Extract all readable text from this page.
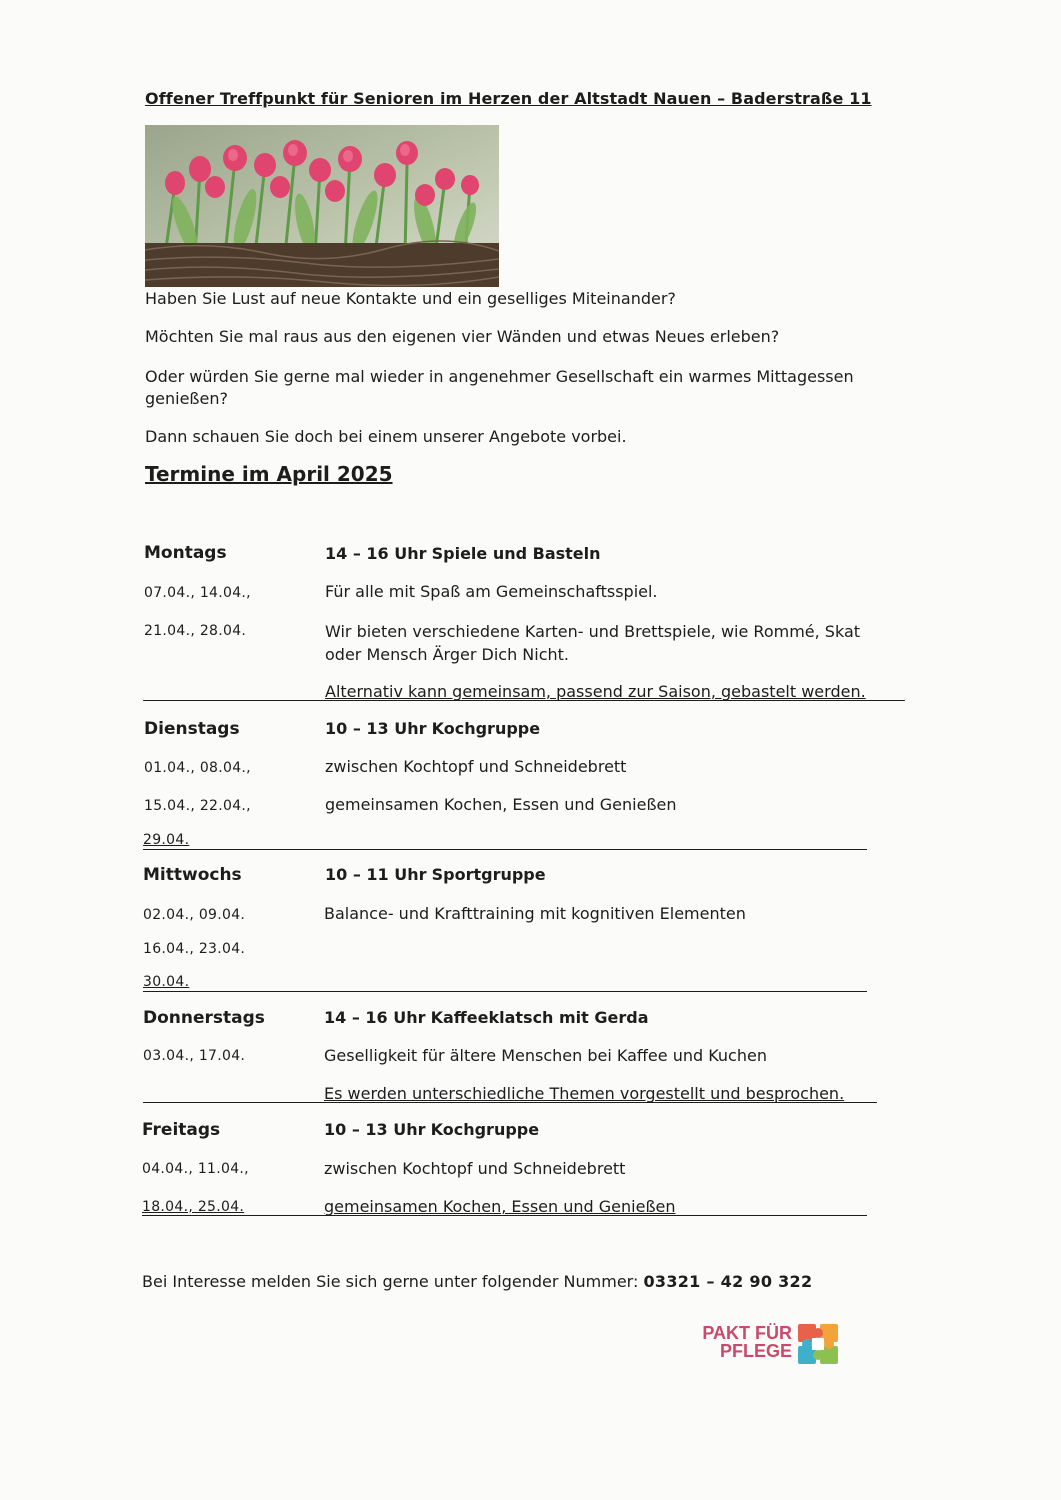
Offener Treffpunkt für Senioren im Herzen der Altstadt Nauen – Baderstraße 11

Haben Sie Lust auf neue Kontakte und ein geselliges Miteinander?

Möchten Sie mal raus aus den eigenen vier Wänden und etwas Neues erleben?

Oder würden Sie gerne mal wieder in angenehmer Gesellschaft ein warmes Mittagessen genießen?

Dann schauen Sie doch bei einem unserer Angebote vorbei.

Termine im April 2025
Montags	14 – 16 Uhr Spiele und Basteln
07.04., 14.04.,	Für alle mit Spaß am Gemeinschaftsspiel.
21.04., 28.04.	Wir bieten verschiedene Karten- und Brettspiele, wie Rommé, Skat
oder Mensch Ärger Dich Nicht.
Alternativ kann gemeinsam, passend zur Saison, gebastelt werden.
Dienstags	10 – 13 Uhr Kochgruppe
01.04., 08.04.,	zwischen Kochtopf und Schneidebrett
15.04., 22.04.,	gemeinsamen Kochen, Essen und Genießen
29.04.
Mittwochs	10 – 11 Uhr Sportgruppe
02.04., 09.04.	Balance- und Krafttraining mit kognitiven Elementen
16.04., 23.04.
30.04.
Donnerstags	14 – 16 Uhr Kaffeeklatsch mit Gerda
03.04., 17.04.	Geselligkeit für ältere Menschen bei Kaffee und Kuchen
Es werden unterschiedliche Themen vorgestellt und besprochen.
Freitags	10 – 13 Uhr Kochgruppe
04.04., 11.04.,	zwischen Kochtopf und Schneidebrett
18.04., 25.04.	gemeinsamen Kochen, Essen und Genießen
Bei Interesse melden Sie sich gerne unter folgender Nummer: 03321 – 42 90 322
PAKT FÜR
PFLEGE
